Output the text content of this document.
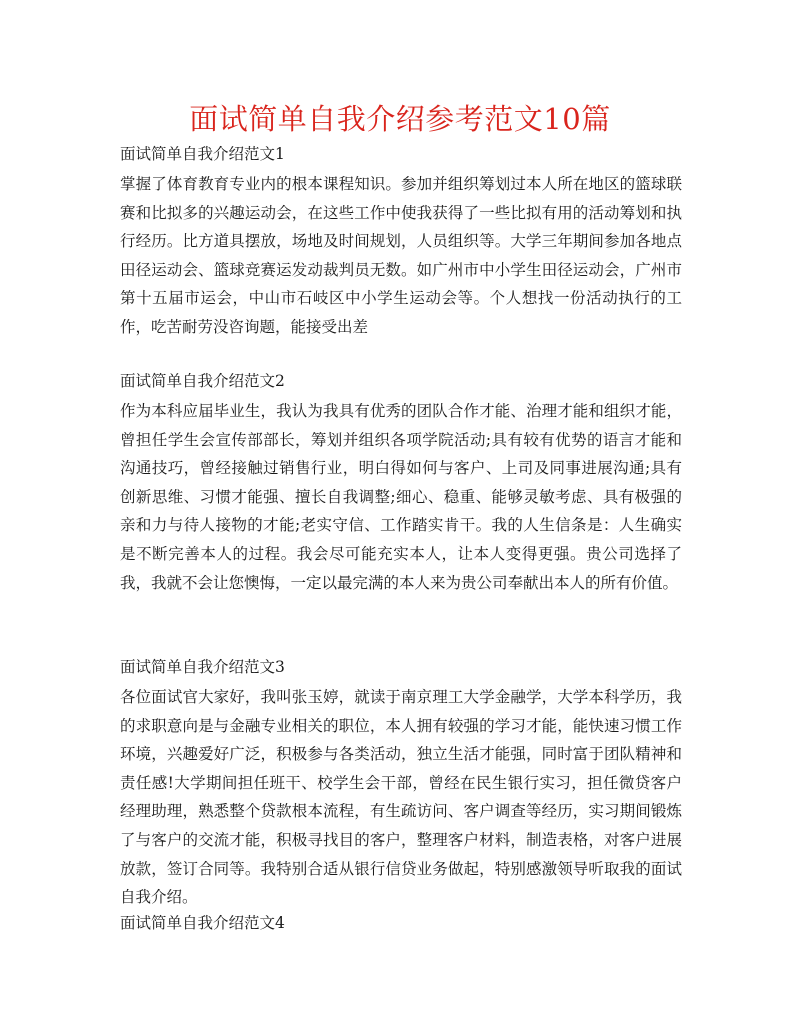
面试简单自我介绍参考范文10篇
面试简单自我介绍范文1
掌握了体育教育专业内的根本课程知识。参加并组织筹划过本人所在地区的篮球联赛和比拟多的兴趣运动会，在这些工作中使我获得了一些比拟有用的活动筹划和执行经历。比方道具摆放，场地及时间规划，人员组织等。大学三年期间参加各地点田径运动会、篮球竞赛运发动裁判员无数。如广州市中小学生田径运动会，广州市第十五届市运会，中山市石岐区中小学生运动会等。个人想找一份活动执行的工作，吃苦耐劳没咨询题，能接受出差
面试简单自我介绍范文2
作为本科应届毕业生，我认为我具有优秀的团队合作才能、治理才能和组织才能，曾担任学生会宣传部部长，筹划并组织各项学院活动;具有较有优势的语言才能和沟通技巧，曾经接触过销售行业，明白得如何与客户、上司及同事进展沟通;具有创新思维、习惯才能强、擅长自我调整;细心、稳重、能够灵敏考虑、具有极强的亲和力与待人接物的才能;老实守信、工作踏实肯干。我的人生信条是：人生确实是不断完善本人的过程。我会尽可能充实本人，让本人变得更强。贵公司选择了我，我就不会让您懊悔，一定以最完满的本人来为贵公司奉献出本人的所有价值。
面试简单自我介绍范文3
各位面试官大家好，我叫张玉婷，就读于南京理工大学金融学，大学本科学历，我的求职意向是与金融专业相关的职位，本人拥有较强的学习才能，能快速习惯工作环境，兴趣爱好广泛，积极参与各类活动，独立生活才能强，同时富于团队精神和责任感!大学期间担任班干、校学生会干部，曾经在民生银行实习，担任微贷客户经理助理，熟悉整个贷款根本流程，有生疏访问、客户调查等经历，实习期间锻炼了与客户的交流才能，积极寻找目的客户，整理客户材料，制造表格，对客户进展放款，签订合同等。我特别合适从银行信贷业务做起，特别感激领导听取我的面试自我介绍。
面试简单自我介绍范文4
